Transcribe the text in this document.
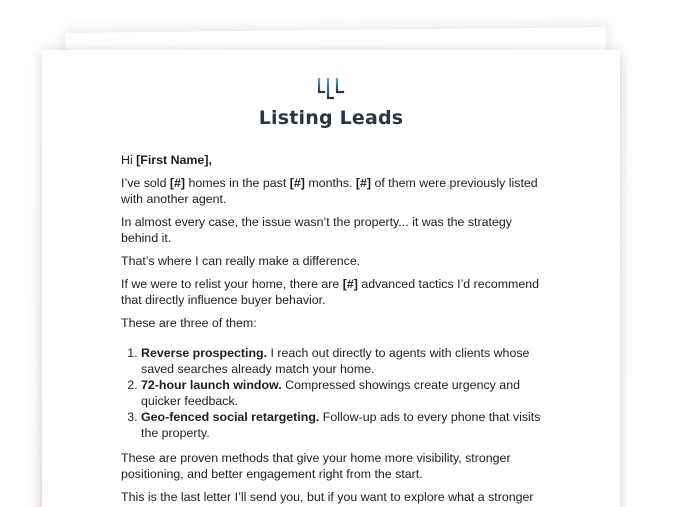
Listing Leads

Hi [First Name],

I’ve sold [#] homes in the past [#] months. [#] of them were previously listed with another agent.

In almost every case, the issue wasn’t the property... it was the strategy behind it.

That’s where I can really make a difference.

If we were to relist your home, there are [#] advanced tactics I’d recommend that directly influence buyer behavior.

These are three of them:

1. Reverse prospecting. I reach out directly to agents with clients whose saved searches already match your home.
2. 72-hour launch window. Compressed showings create urgency and quicker feedback.
3. Geo-fenced social retargeting. Follow-up ads to every phone that visits the property.

These are proven methods that give your home more visibility, stronger positioning, and better engagement right from the start.

This is the last letter I’ll send you, but if you want to explore what a stronger
